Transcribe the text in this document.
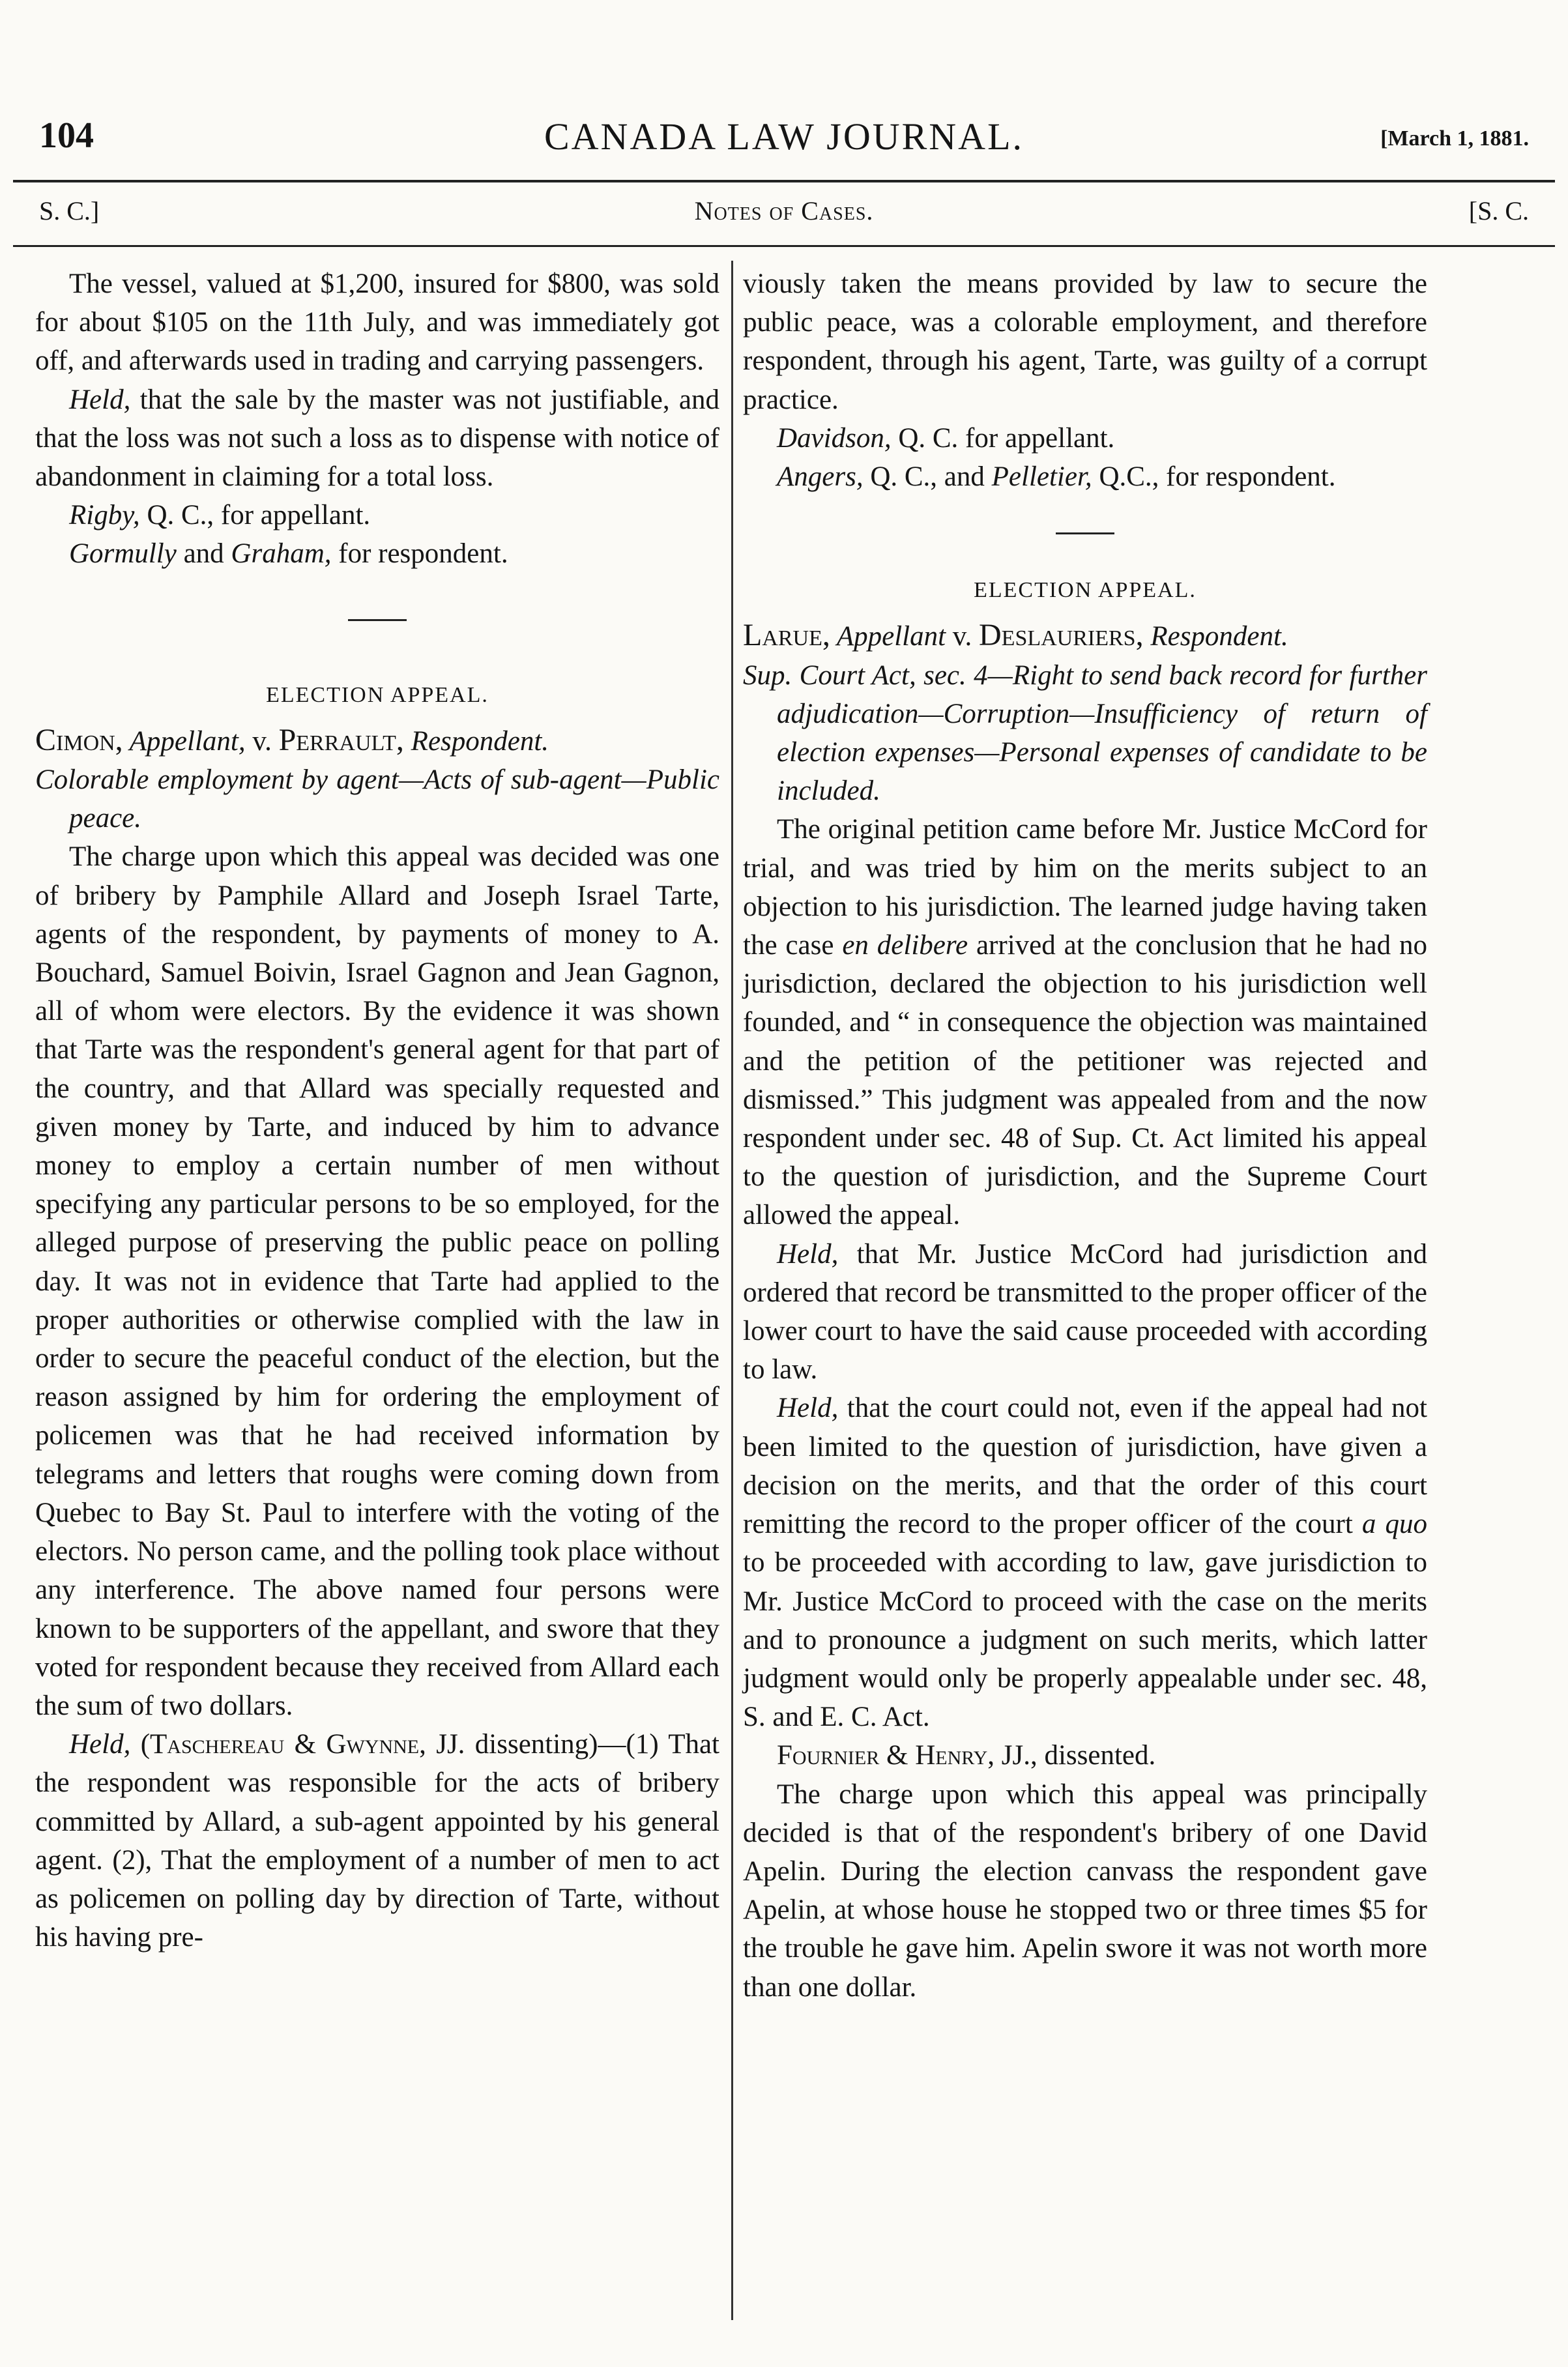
104	CANADA LAW JOURNAL.	[March 1, 1881.
S. C.]	Notes of Cases.	[S. C.

The vessel, valued at $1,200, insured for $800, was sold for about $105 on the 11th July, and was immediately got off, and afterwards used in trading and carrying passengers.

Held, that the sale by the master was not justifiable, and that the loss was not such a loss as to dispense with notice of abandonment in claiming for a total loss.

Rigby, Q. C., for appellant.

Gormully and Graham, for respondent.

ELECTION APPEAL.

Cimon, Appellant, v. Perrault, Respondent.

Colorable employment by agent—Acts of sub-agent—Public peace.

The charge upon which this appeal was decided was one of bribery by Pamphile Allard and Joseph Israel Tarte, agents of the respondent, by payments of money to A. Bouchard, Samuel Boivin, Israel Gagnon and Jean Gagnon, all of whom were electors. By the evidence it was shown that Tarte was the respondent's general agent for that part of the country, and that Allard was specially requested and given money by Tarte, and induced by him to advance money to employ a certain number of men without specifying any particular persons to be so employed, for the alleged purpose of preserving the public peace on polling day. It was not in evidence that Tarte had applied to the proper authorities or otherwise complied with the law in order to secure the peaceful conduct of the election, but the reason assigned by him for ordering the employment of policemen was that he had received information by telegrams and letters that roughs were coming down from Quebec to Bay St. Paul to interfere with the voting of the electors. No person came, and the polling took place without any interference. The above named four persons were known to be supporters of the appellant, and swore that they voted for respondent because they received from Allard each the sum of two dollars.

Held, (Taschereau & Gwynne, JJ. dissenting)—(1) That the respondent was responsible for the acts of bribery committed by Allard, a sub-agent appointed by his general agent. (2), That the employment of a number of men to act as policemen on polling day by direction of Tarte, without his having pre-

viously taken the means provided by law to secure the public peace, was a colorable employment, and therefore respondent, through his agent, Tarte, was guilty of a corrupt practice.

Davidson, Q. C. for appellant.

Angers, Q. C., and Pelletier, Q.C., for respondent.

ELECTION APPEAL.

Larue, Appellant v. Deslauriers, Respondent.

Sup. Court Act, sec. 4—Right to send back record for further adjudication—Corruption—Insufficiency of return of election expenses—Personal expenses of candidate to be included.

The original petition came before Mr. Justice McCord for trial, and was tried by him on the merits subject to an objection to his jurisdiction. The learned judge having taken the case en delibere arrived at the conclusion that he had no jurisdiction, declared the objection to his jurisdiction well founded, and “ in consequence the objection was maintained and the petition of the petitioner was rejected and dismissed.” This judgment was appealed from and the now respondent under sec. 48 of Sup. Ct. Act limited his appeal to the question of jurisdiction, and the Supreme Court allowed the appeal.

Held, that Mr. Justice McCord had jurisdiction and ordered that record be transmitted to the proper officer of the lower court to have the said cause proceeded with according to law.

Held, that the court could not, even if the appeal had not been limited to the question of jurisdiction, have given a decision on the merits, and that the order of this court remitting the record to the proper officer of the court a quo to be proceeded with according to law, gave jurisdiction to Mr. Justice McCord to proceed with the case on the merits and to pronounce a judgment on such merits, which latter judgment would only be properly appealable under sec. 48, S. and E. C. Act.

Fournier & Henry, JJ., dissented.

The charge upon which this appeal was principally decided is that of the respondent's bribery of one David Apelin. During the election canvass the respondent gave Apelin, at whose house he stopped two or three times $5 for the trouble he gave him. Apelin swore it was not worth more than one dollar.
